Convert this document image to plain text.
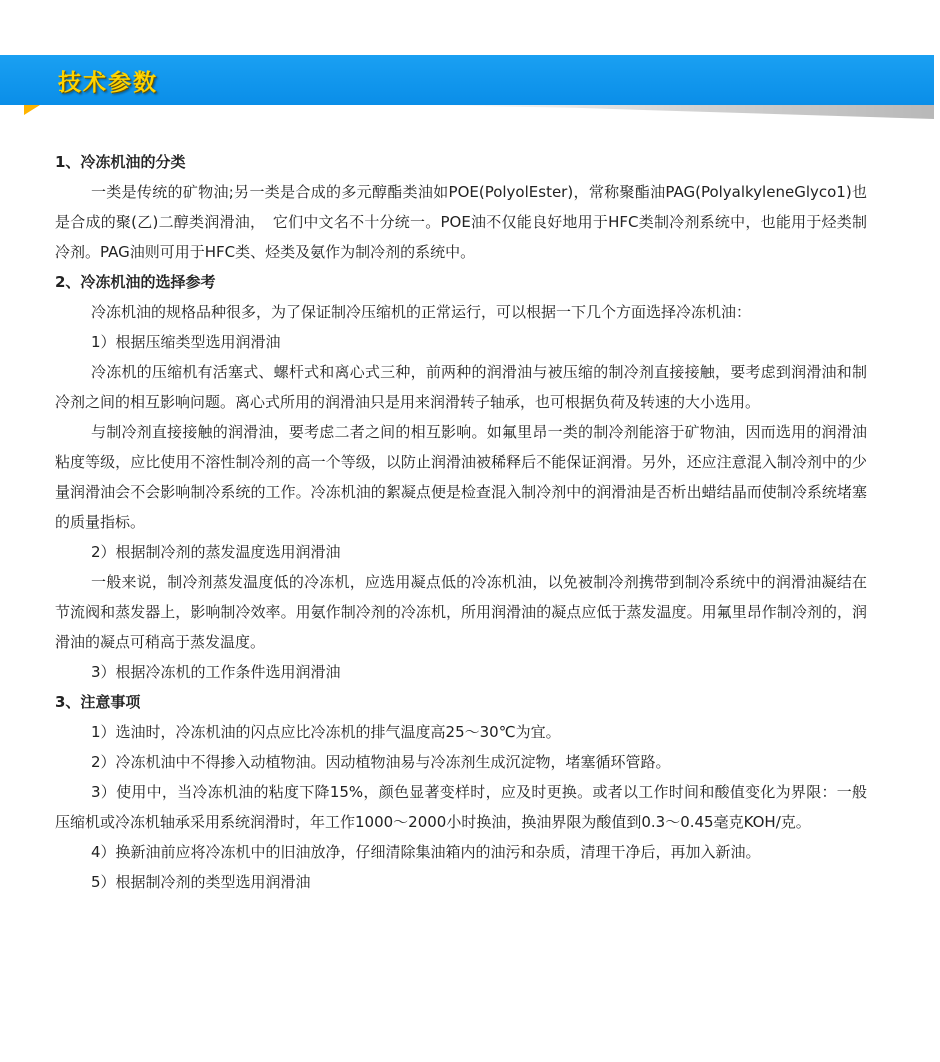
技术参数

1、冷冻机油的分类

一类是传统的矿物油;另一类是合成的多元醇酯类油如POE(PolyolEster)，常称聚酯油PAG(PolyalkyleneGlyco1)也是合成的聚(乙)二醇类润滑油，　它们中文名不十分统一。POE油不仅能良好地用于HFC类制冷剂系统中，也能用于烃类制冷剂。PAG油则可用于HFC类、烃类及氨作为制冷剂的系统中。

2、冷冻机油的选择参考

冷冻机油的规格品种很多，为了保证制冷压缩机的正常运行，可以根据一下几个方面选择冷冻机油：

1）根据压缩类型选用润滑油

冷冻机的压缩机有活塞式、螺杆式和离心式三种，前两种的润滑油与被压缩的制冷剂直接接触，要考虑到润滑油和制冷剂之间的相互影响问题。离心式所用的润滑油只是用来润滑转子轴承，也可根据负荷及转速的大小选用。

与制冷剂直接接触的润滑油，要考虑二者之间的相互影响。如氟里昂一类的制冷剂能溶于矿物油，因而选用的润滑油粘度等级，应比使用不溶性制冷剂的高一个等级，以防止润滑油被稀释后不能保证润滑。另外，还应注意混入制冷剂中的少量润滑油会不会影响制冷系统的工作。冷冻机油的絮凝点便是检查混入制冷剂中的润滑油是否析出蜡结晶而使制冷系统堵塞的质量指标。

2）根据制冷剂的蒸发温度选用润滑油

一般来说，制冷剂蒸发温度低的冷冻机，应选用凝点低的冷冻机油，以免被制冷剂携带到制冷系统中的润滑油凝结在节流阀和蒸发器上，影响制冷效率。用氨作制冷剂的冷冻机，所用润滑油的凝点应低于蒸发温度。用氟里昂作制冷剂的，润滑油的凝点可稍高于蒸发温度。

3）根据冷冻机的工作条件选用润滑油

3、注意事项

1）选油时，冷冻机油的闪点应比冷冻机的排气温度高25～30℃为宜。

2）冷冻机油中不得掺入动植物油。因动植物油易与冷冻剂生成沉淀物，堵塞循环管路。

3）使用中，当冷冻机油的粘度下降15%，颜色显著变样时，应及时更换。或者以工作时间和酸值变化为界限：一般压缩机或冷冻机轴承采用系统润滑时，年工作1000～2000小时换油，换油界限为酸值到0.3～0.45毫克KOH/克。

4）换新油前应将冷冻机中的旧油放净，仔细清除集油箱内的油污和杂质，清理干净后，再加入新油。

5）根据制冷剂的类型选用润滑油
